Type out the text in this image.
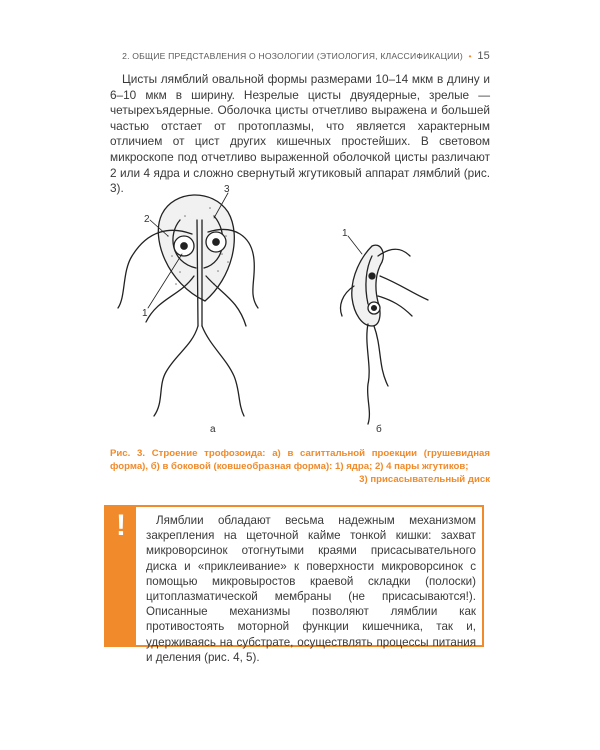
2. ОБЩИЕ ПРЕДСТАВЛЕНИЯ О НОЗОЛОГИИ (ЭТИОЛОГИЯ, КЛАССИФИКАЦИИ) • 15

Цисты лямблий овальной формы размерами 10–14 мкм в длину и 6–10 мкм в ширину. Незрелые цисты двуядерные, зрелые — четырехъядерные. Оболочка цисты отчетливо выражена и большей частью отстает от протоплазмы, что является характерным отличием от цист других кишечных простейших. В световом микроскопе под отчетливо выраженной оболочкой цисты различают 2 или 4 ядра и сложно свернутый жгутиковый аппарат лямблий (рис. 3).	3
2
1
а
1
б
Рис. 3. Строение трофозоида: а) в сагиттальной проекции (грушевидная форма), б) в боковой (ковшеобразная форма): 1) ядра; 2) 4 пары жгутиков;
3) присасывательный диск
!	Лямблии обладают весьма надежным механизмом закрепления на щеточной кайме тонкой кишки: захват микроворсинок отогнутыми краями присасывательного диска и «приклеивание» к поверхности микроворсинок с помощью микровыростов краевой складки (полоски) цитоплазматической мембраны (не присасываются!). Описанные механизмы позволяют лямблии как противостоять моторной функции кишечника, так и, удерживаясь на субстрате, осуществлять процессы питания и деления (рис. 4, 5).
